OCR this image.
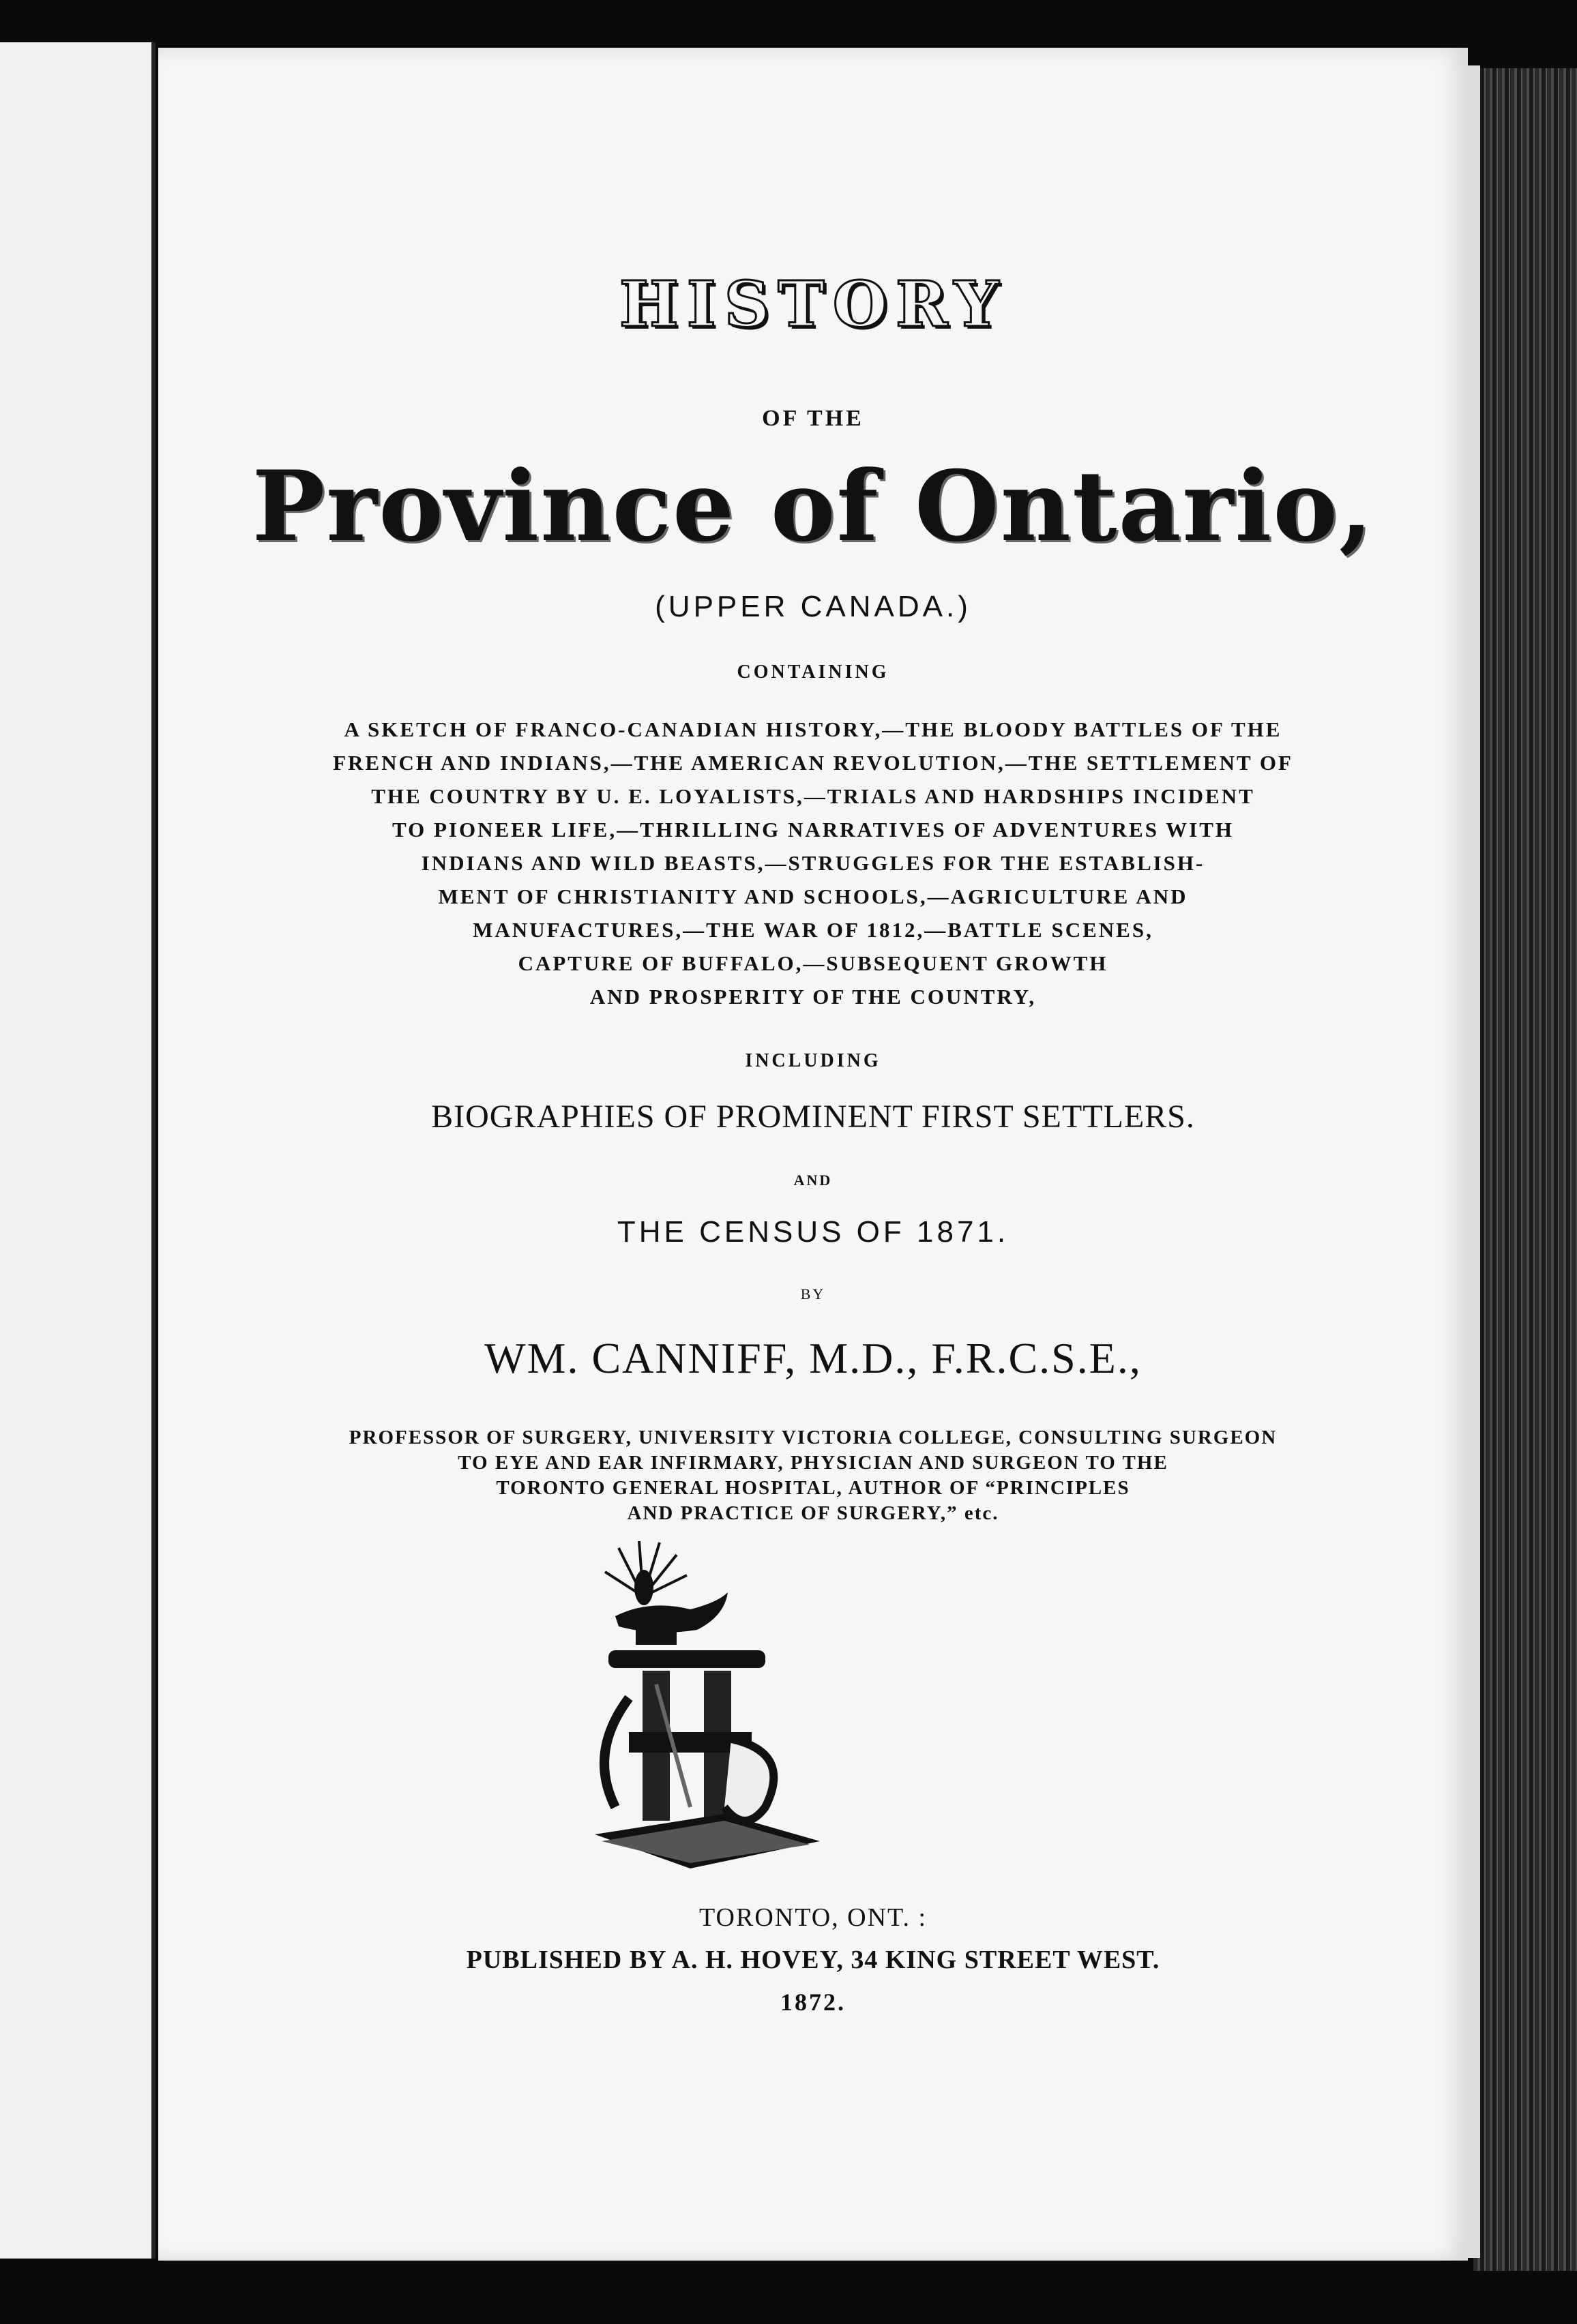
HISTORY
OF THE
Province of Ontario,
(UPPER CANADA.)
CONTAINING
A SKETCH OF FRANCO-CANADIAN HISTORY,—THE BLOODY BATTLES OF THE
FRENCH AND INDIANS,—THE AMERICAN REVOLUTION,—THE SETTLEMENT OF
THE COUNTRY BY U. E. LOYALISTS,—TRIALS AND HARDSHIPS INCIDENT
TO PIONEER LIFE,—THRILLING NARRATIVES OF ADVENTURES WITH
INDIANS AND WILD BEASTS,—STRUGGLES FOR THE ESTABLISH-
MENT OF CHRISTIANITY AND SCHOOLS,—AGRICULTURE AND
MANUFACTURES,—THE WAR OF 1812,—BATTLE SCENES,
CAPTURE OF BUFFALO,—SUBSEQUENT GROWTH
AND PROSPERITY OF THE COUNTRY,
INCLUDING
BIOGRAPHIES OF PROMINENT FIRST SETTLERS.
AND
THE CENSUS OF 1871.
BY
WM. CANNIFF, M.D., F.R.C.S.E.,
PROFESSOR OF SURGERY, UNIVERSITY VICTORIA COLLEGE, CONSULTING SURGEON
TO EYE AND EAR INFIRMARY, PHYSICIAN AND SURGEON TO THE
TORONTO GENERAL HOSPITAL, AUTHOR OF “PRINCIPLES
AND PRACTICE OF SURGERY,” etc.
TORONTO, ONT. :
PUBLISHED BY A. H. HOVEY, 34 KING STREET WEST.
1872.
